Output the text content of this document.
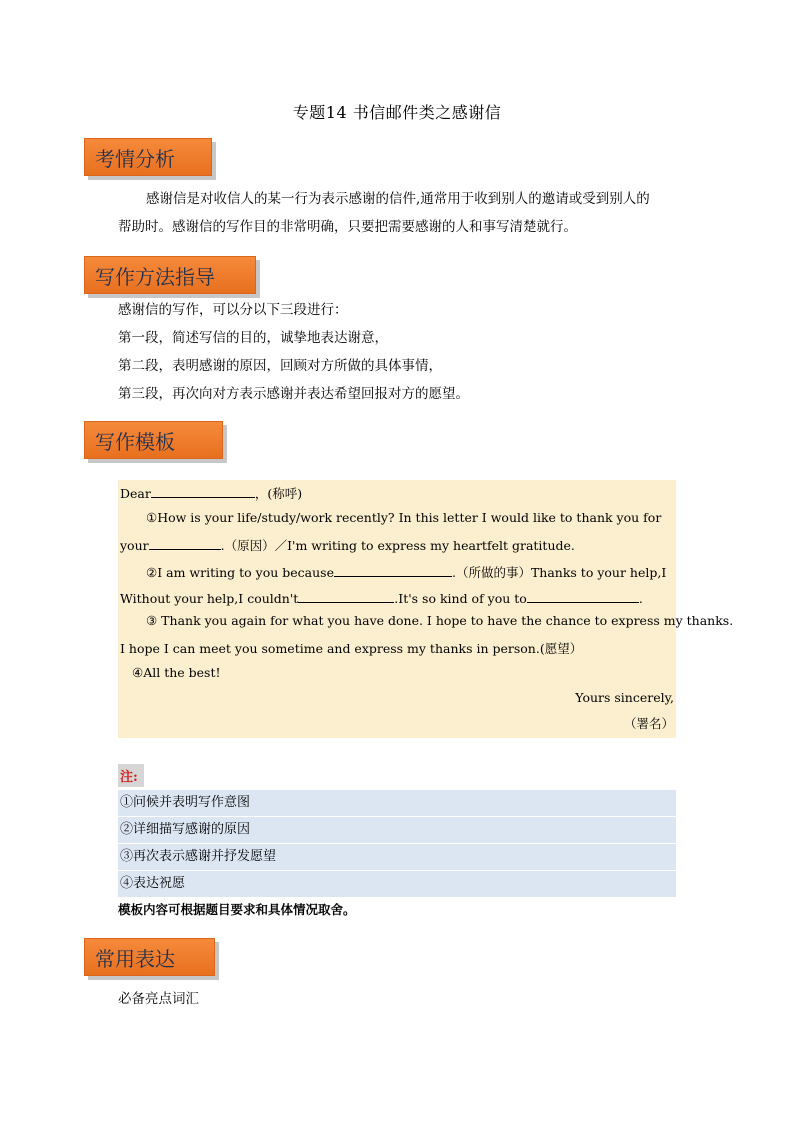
专题14 书信邮件类之感谢信
考情分析
感谢信是对收信人的某一行为表示感谢的信件,通常用于收到别人的邀请或受到别人的
帮助时。感谢信的写作目的非常明确，只要把需要感谢的人和事写清楚就行。
写作方法指导
感谢信的写作，可以分以下三段进行：
第一段，简述写信的目的，诚挚地表达谢意，
第二段，表明感谢的原因，回顾对方所做的具体事情，
第三段，再次向对方表示感谢并表达希望回报对方的愿望。
写作模板
Dear	，(称呼)
①How is your life/study/work recently? In this letter I would like to thank you for
your	.（原因）／I'm writing to express my heartfelt gratitude.
②I am writing to you because	.（所做的事）Thanks to your help,I
Without your help,I couldn't	.It's so kind of you to	.
③ Thank you again for what you have done. I hope to have the chance to express my thanks.
I hope I can meet you sometime and express my thanks in person.(愿望）
④All the best!
Yours sincerely,
（署名）
注:
①问候并表明写作意图
②详细描写感谢的原因
③再次表示感谢并抒发愿望
④表达祝愿
模板内容可根据题目要求和具体情况取舍。
常用表达
必备亮点词汇
